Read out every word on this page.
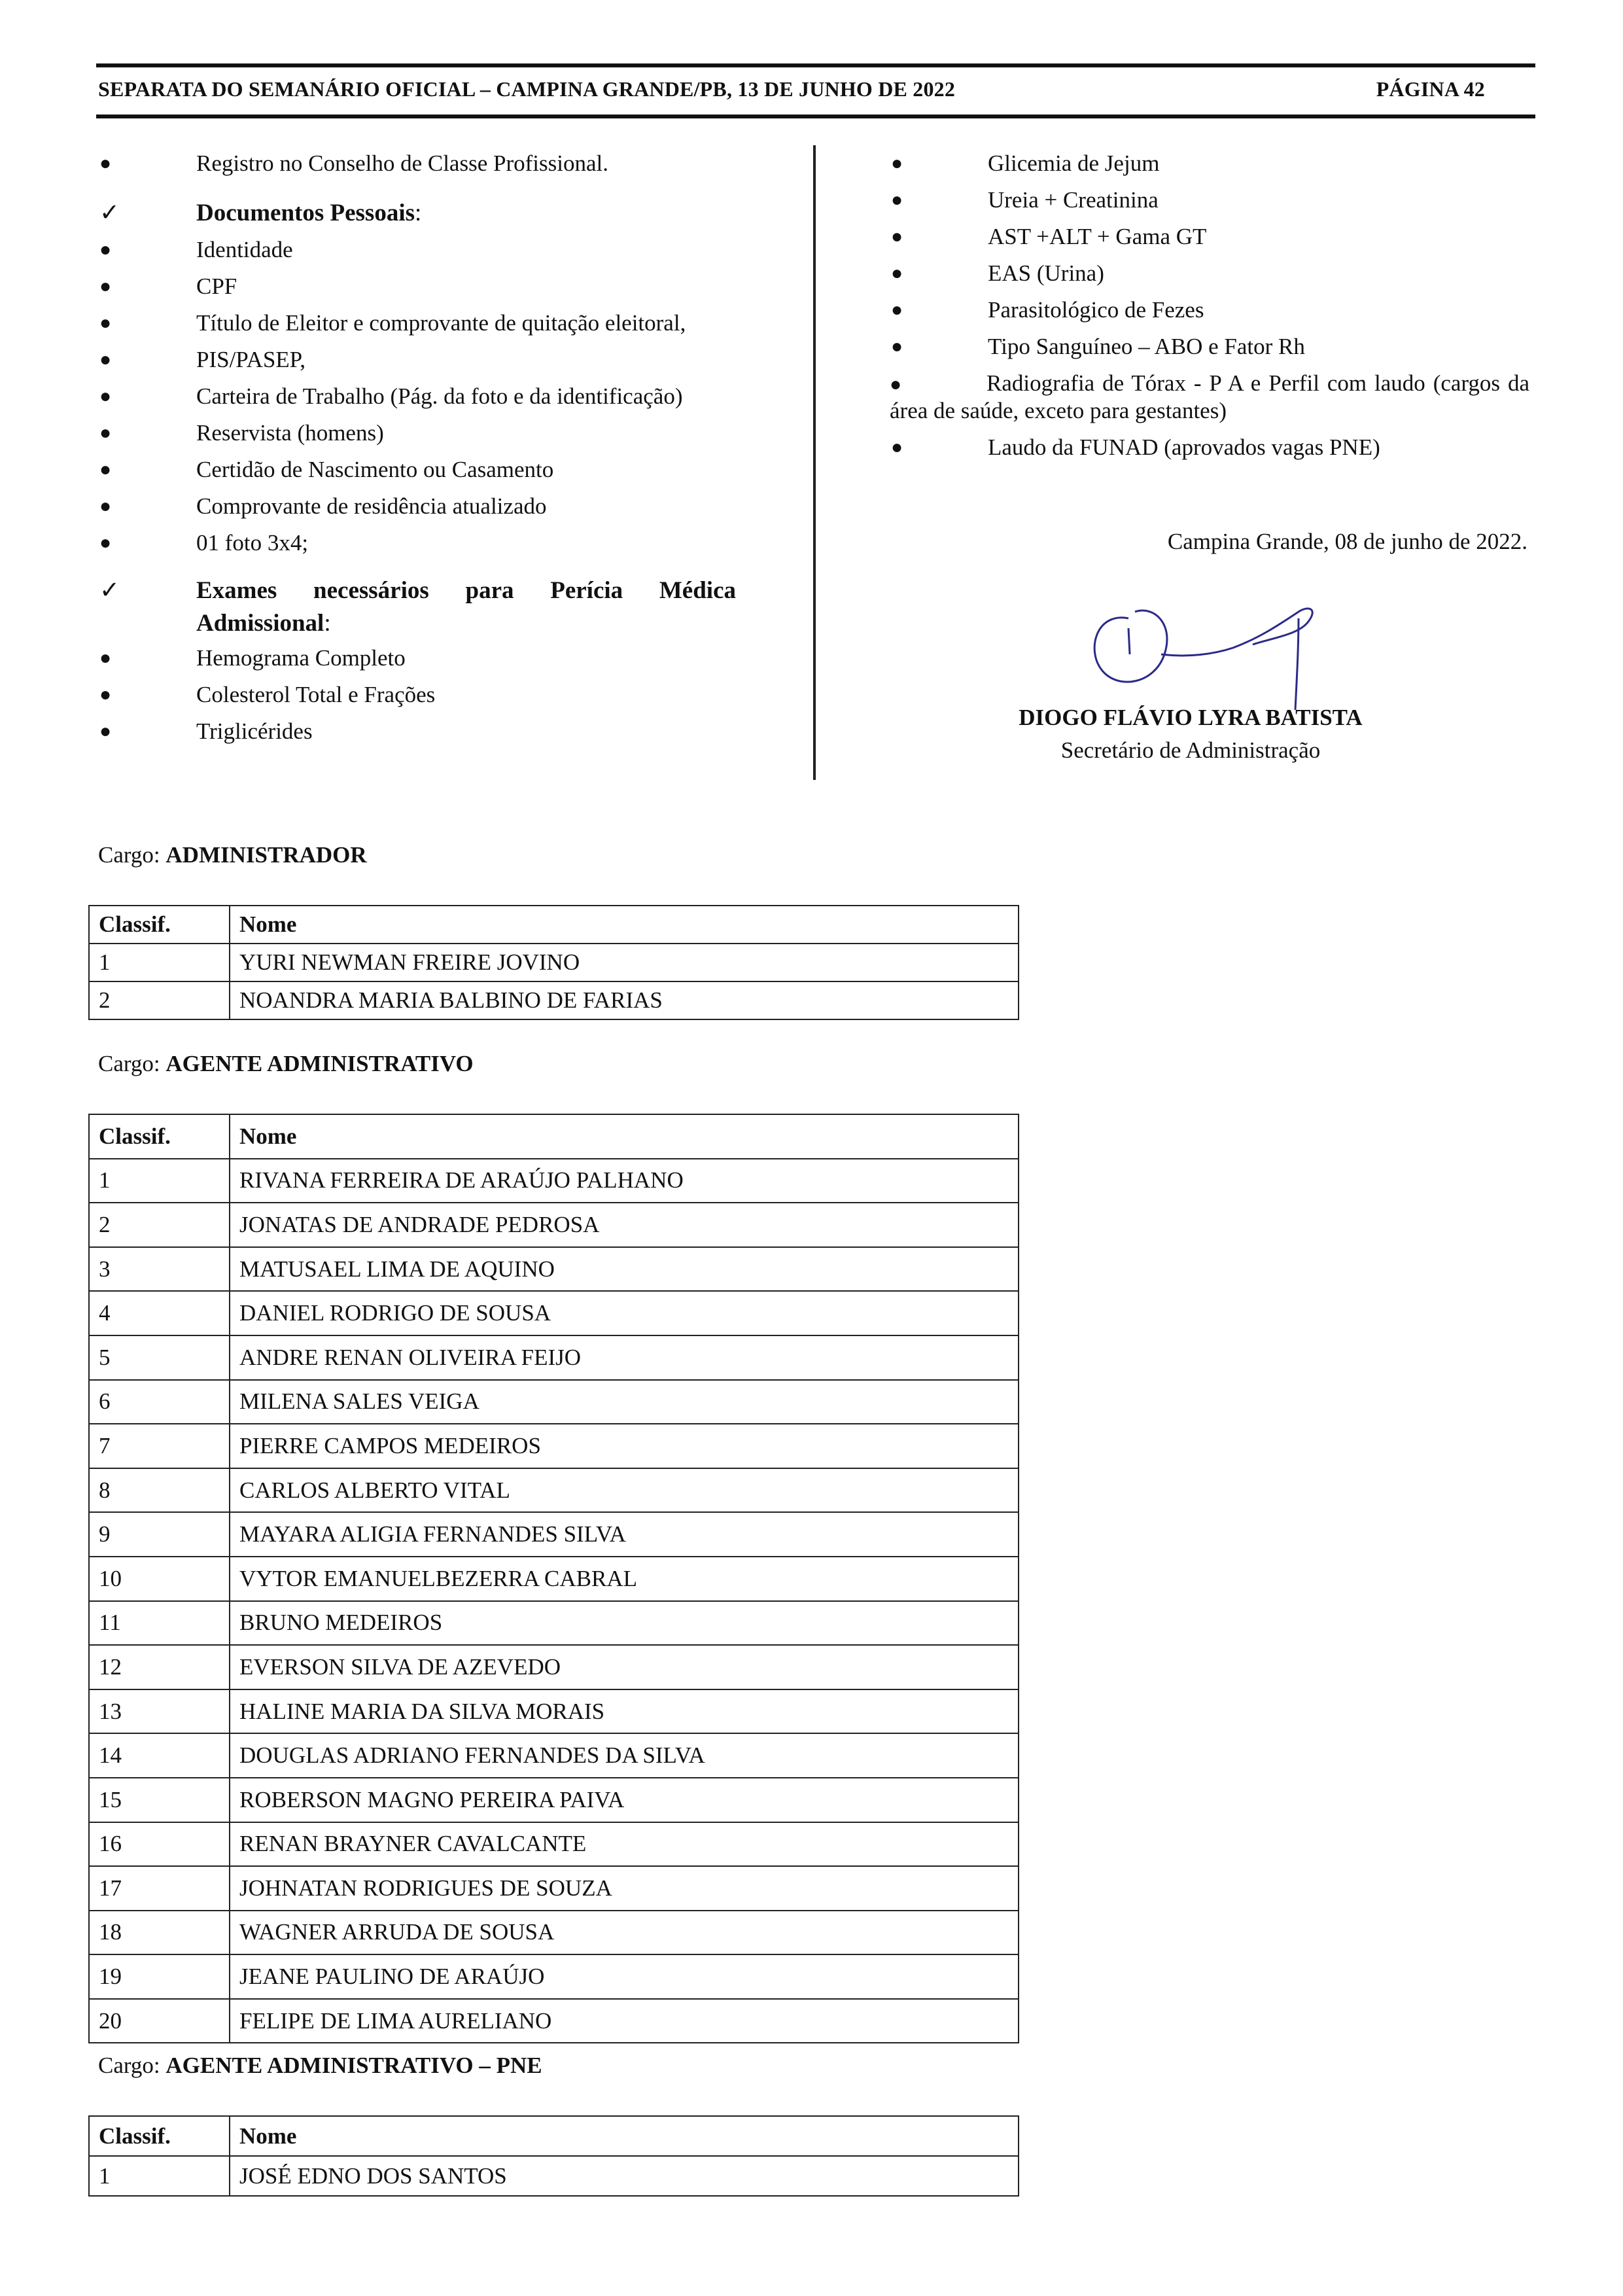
SEPARATA DO SEMANÁRIO OFICIAL – CAMPINA GRANDE/PB, 13 DE JUNHO DE 2022	PÁGINA 42
●	Registro no Conselho de Classe Profissional.
✓	Documentos Pessoais:
●	Identidade
●	CPF
●	Título de Eleitor e comprovante de quitação eleitoral,
●	PIS/PASEP,
●	Carteira de Trabalho (Pág. da foto e da identificação)
●	Reservista (homens)
●	Certidão de Nascimento ou Casamento
●	Comprovante de residência atualizado
●	01 foto 3x4;
✓	Exames necessários para Perícia Médica Admissional:
●	Hemograma Completo
●	Colesterol Total e Frações
●	Triglicérides
●	Glicemia de Jejum
●	Ureia + Creatinina
●	AST +ALT + Gama GT
●	EAS (Urina)
●	Parasitológico de Fezes
●	Tipo Sanguíneo – ABO e Fator Rh
●	Radiografia de Tórax - P A e Perfil com laudo (cargos da área de saúde, exceto para gestantes)
●	Laudo da FUNAD (aprovados vagas PNE)
Campina Grande, 08 de junho de 2022.
DIOGO FLÁVIO LYRA BATISTA
Secretário de Administração
Cargo: ADMINISTRADOR
Classif.	Nome
1	YURI NEWMAN FREIRE JOVINO
2	NOANDRA MARIA BALBINO DE FARIAS
Cargo: AGENTE ADMINISTRATIVO
Classif.	Nome
1	RIVANA FERREIRA DE ARAÚJO PALHANO
2	JONATAS DE ANDRADE PEDROSA
3	MATUSAEL LIMA DE AQUINO
4	DANIEL RODRIGO DE SOUSA
5	ANDRE RENAN OLIVEIRA FEIJO
6	MILENA SALES VEIGA
7	PIERRE CAMPOS MEDEIROS
8	CARLOS ALBERTO VITAL
9	MAYARA ALIGIA FERNANDES SILVA
10	VYTOR EMANUELBEZERRA CABRAL
11	BRUNO MEDEIROS
12	EVERSON SILVA DE AZEVEDO
13	HALINE MARIA DA SILVA MORAIS
14	DOUGLAS ADRIANO FERNANDES DA SILVA
15	ROBERSON MAGNO PEREIRA PAIVA
16	RENAN BRAYNER CAVALCANTE
17	JOHNATAN RODRIGUES DE SOUZA
18	WAGNER ARRUDA DE SOUSA
19	JEANE PAULINO DE ARAÚJO
20	FELIPE DE LIMA AURELIANO
Cargo: AGENTE ADMINISTRATIVO – PNE
Classif.	Nome
1	JOSÉ EDNO DOS SANTOS
